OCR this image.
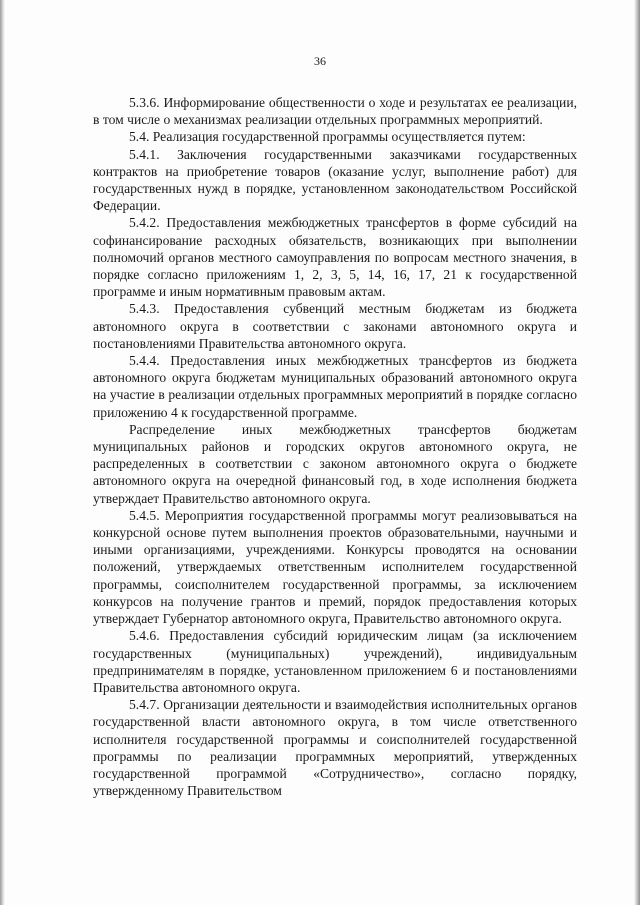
36

5.3.6. Информирование общественности о ходе и результатах ее реализации, в том числе о механизмах реализации отдельных программных мероприятий.

5.4. Реализация государственной программы осуществляется путем:

5.4.1. Заключения государственными заказчиками государственных контрактов на приобретение товаров (оказание услуг, выполнение работ) для государственных нужд в порядке, установленном законодательством Российской Федерации.

5.4.2. Предоставления межбюджетных трансфертов в форме субсидий на софинансирование расходных обязательств, возникающих при выполнении полномочий органов местного самоуправления по вопросам местного значения, в порядке согласно приложениям 1, 2, 3, 5, 14, 16, 17, 21 к государственной программе и иным нормативным правовым актам.

5.4.3. Предоставления субвенций местным бюджетам из бюджета автономного округа в соответствии с законами автономного округа и постановлениями Правительства автономного округа.

5.4.4. Предоставления иных межбюджетных трансфертов из бюджета автономного округа бюджетам муниципальных образований автономного округа на участие в реализации отдельных программных мероприятий в порядке согласно приложению 4 к государственной программе.

Распределение иных межбюджетных трансфертов бюджетам муниципальных районов и городских округов автономного округа, не распределенных в соответствии с законом автономного округа о бюджете автономного округа на очередной финансовый год, в ходе исполнения бюджета утверждает Правительство автономного округа.

5.4.5. Мероприятия государственной программы могут реализовываться на конкурсной основе путем выполнения проектов образовательными, научными и иными организациями, учреждениями. Конкурсы проводятся на основании положений, утверждаемых ответственным исполнителем государственной программы, соисполнителем государственной программы, за исключением конкурсов на получение грантов и премий, порядок предоставления которых утверждает Губернатор автономного округа, Правительство автономного округа.

5.4.6. Предоставления субсидий юридическим лицам (за исключением государственных (муниципальных) учреждений), индивидуальным предпринимателям в порядке, установленном приложением 6 и постановлениями Правительства автономного округа.

5.4.7. Организации деятельности и взаимодействия исполнительных органов государственной власти автономного округа, в том числе ответственного исполнителя государственной программы и соисполнителей государственной программы по реализации программных мероприятий, утвержденных государственной программой «Сотрудничество», согласно порядку, утвержденному Правительством
